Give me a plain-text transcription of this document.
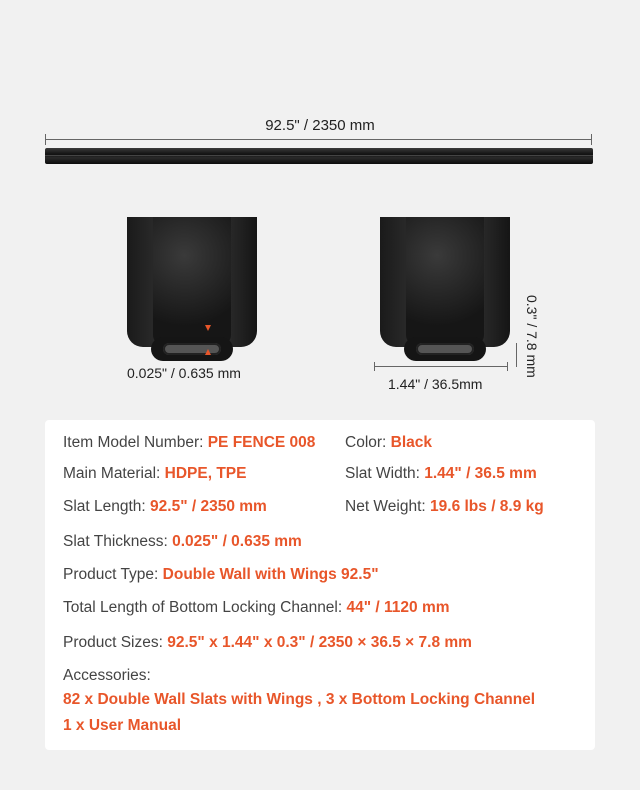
92.5" / 2350 mm
0.025" / 0.635 mm
1.44" / 36.5mm
0.3" / 7.8 mm
Item Model Number: PE FENCE 008 Color: Black
Main Material: HDPE, TPE	Slat Width: 1.44" / 36.5 mm
Slat Length: 92.5" / 2350 mm	Net Weight: 19.6 lbs / 8.9 kg
Slat Thickness: 0.025" / 0.635 mm
Product Type: Double Wall with Wings 92.5"
Total Length of Bottom Locking Channel: 44" / 1120 mm
Product Sizes: 92.5" x 1.44" x 0.3" / 2350 × 36.5 × 7.8 mm
Accessories:
82 x Double Wall Slats with Wings , 3 x Bottom Locking Channel
1 x User Manual
